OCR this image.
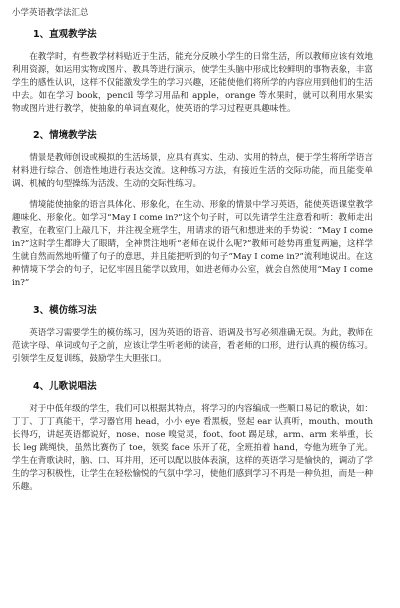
小学英语教学法汇总
1、直观教学法

在教学时，有些教学材料贴近于生活，能充分反映小学生的日常生活，所以教师应该有效地利用资源，如运用实物或图片、教具等进行演示，使学生头脑中形成比较鲜明的事物表象，丰富学生的感性认识，这样不仅能激发学生的学习兴趣，还能使他们将所学的内容应用到他们的生活中去。如在学习 book，pencil 等学习用品和 apple，orange 等水果时，就可以利用水果实物或图片进行教学，使抽象的单词直观化，使英语的学习过程更具趣味性。

2、情境教学法

情景是教师创设或模拟的生活场景，应具有真实、生动、实用的特点，便于学生将所学语言材料进行综合、创造性地进行表达交流。这种练习方法，有接近生活的交际功能，而且能变单调、机械的句型操练为活泼、生动的交际性练习。

情境能使抽象的语言具体化、形象化，在生动、形象的情景中学习英语，能使英语课堂教学趣味化、形象化。如学习“May I come in?”这个句子时，可以先请学生注意看和听：教师走出教室，在教室门上敲几下，并注视全班学生，用请求的语气和想进来的手势说：“May I come in?”这时学生都睁大了眼睛，全神贯注地听“老师在说什么呢?”教师可趁势再重复两遍，这样学生就自然而然地听懂了句子的意思，并且能把听到的句子“May I come in?”流利地说出。在这种情境下学会的句子，记忆牢固且能学以致用，如进老师办公室，就会自然使用“May I come in?”

3、模仿练习法

英语学习需要学生的模仿练习，因为英语的语音、语调及书写必须准确无误。为此，教师在范读字母、单词或句子之前，应该让学生听老师的读音，看老师的口形，进行认真的模仿练习。引领学生反复训练，鼓励学生大胆张口。

4、儿歌说唱法

对于中低年级的学生，我们可以根据其特点，将学习的内容编成一些顺口易记的歌诀，如：丁丁、丁丁真能干，学习器官用 head，小小 eye 看黑板，竖起 ear 认真听，mouth、mouth 长得巧，讲起英语都说好，nose、nose 嗅觉灵，foot、foot 踢足球，arm、arm 来举重，长长 leg 跳绳快，虽然比赛伤了 toe，领奖 face 乐开了花，全班拍着 hand，夸他为班争了光。学生在背歌诀时，脑、口、耳并用，还可以配以肢体表演，这样的英语学习是愉快的，调动了学生的学习积极性，让学生在轻松愉悦的气氛中学习，使他们感到学习不再是一种负担，而是一种乐趣。
